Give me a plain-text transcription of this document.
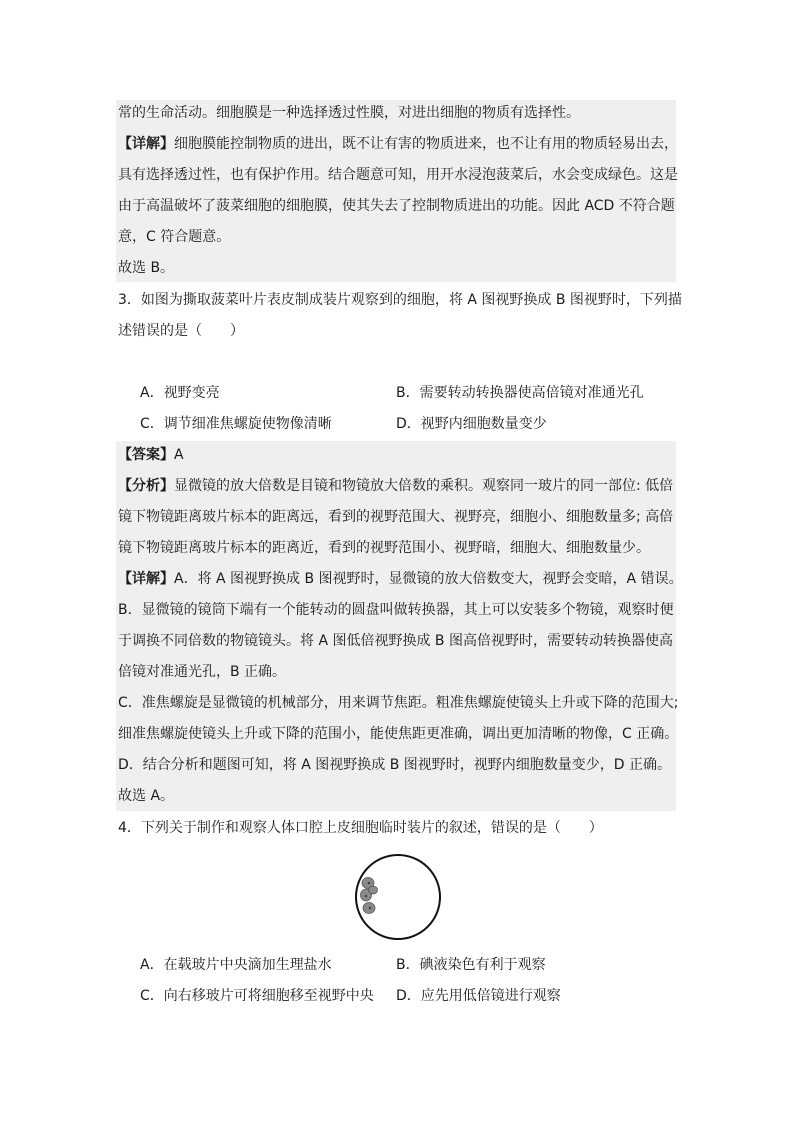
常的生命活动。细胞膜是一种选择透过性膜，对进出细胞的物质有选择性。
【详解】细胞膜能控制物质的进出，既不让有害的物质进来，也不让有用的物质轻易出去，
具有选择透过性，也有保护作用。结合题意可知，用开水浸泡菠菜后，水会变成绿色。这是
由于高温破坏了菠菜细胞的细胞膜，使其失去了控制物质进出的功能。因此 ACD 不符合题
意，C 符合题意。
故选 B。
3．如图为撕取菠菜叶片表皮制成装片观察到的细胞，将 A 图视野换成 B 图视野时，下列描
述错误的是（　　）
A．视野变亮	B．需要转动转换器使高倍镜对准通光孔
C．调节细准焦螺旋使物像清晰	D．视野内细胞数量变少
【答案】A
【分析】显微镜的放大倍数是目镜和物镜放大倍数的乘积。观察同一玻片的同一部位: 低倍
镜下物镜距离玻片标本的距离远，看到的视野范围大、视野亮，细胞小、细胞数量多; 高倍
镜下物镜距离玻片标本的距离近，看到的视野范围小、视野暗，细胞大、细胞数量少。
【详解】A．将 A 图视野换成 B 图视野时，显微镜的放大倍数变大，视野会变暗，A 错误。
B．显微镜的镜筒下端有一个能转动的圆盘叫做转换器，其上可以安装多个物镜，观察时便
于调换不同倍数的物镜镜头。将 A 图低倍视野换成 B 图高倍视野时，需要转动转换器使高
倍镜对准通光孔，B 正确。
C．准焦螺旋是显微镜的机械部分，用来调节焦距。粗准焦螺旋使镜头上升或下降的范围大;
细准焦螺旋使镜头上升或下降的范围小，能使焦距更准确，调出更加清晰的物像，C 正确。
D．结合分析和题图可知，将 A 图视野换成 B 图视野时，视野内细胞数量变少，D 正确。
故选 A。
4．下列关于制作和观察人体口腔上皮细胞临时装片的叙述，错误的是（　　）
A．在载玻片中央滴加生理盐水	B．碘液染色有利于观察
C．向右移玻片可将细胞移至视野中央 D．应先用低倍镜进行观察
